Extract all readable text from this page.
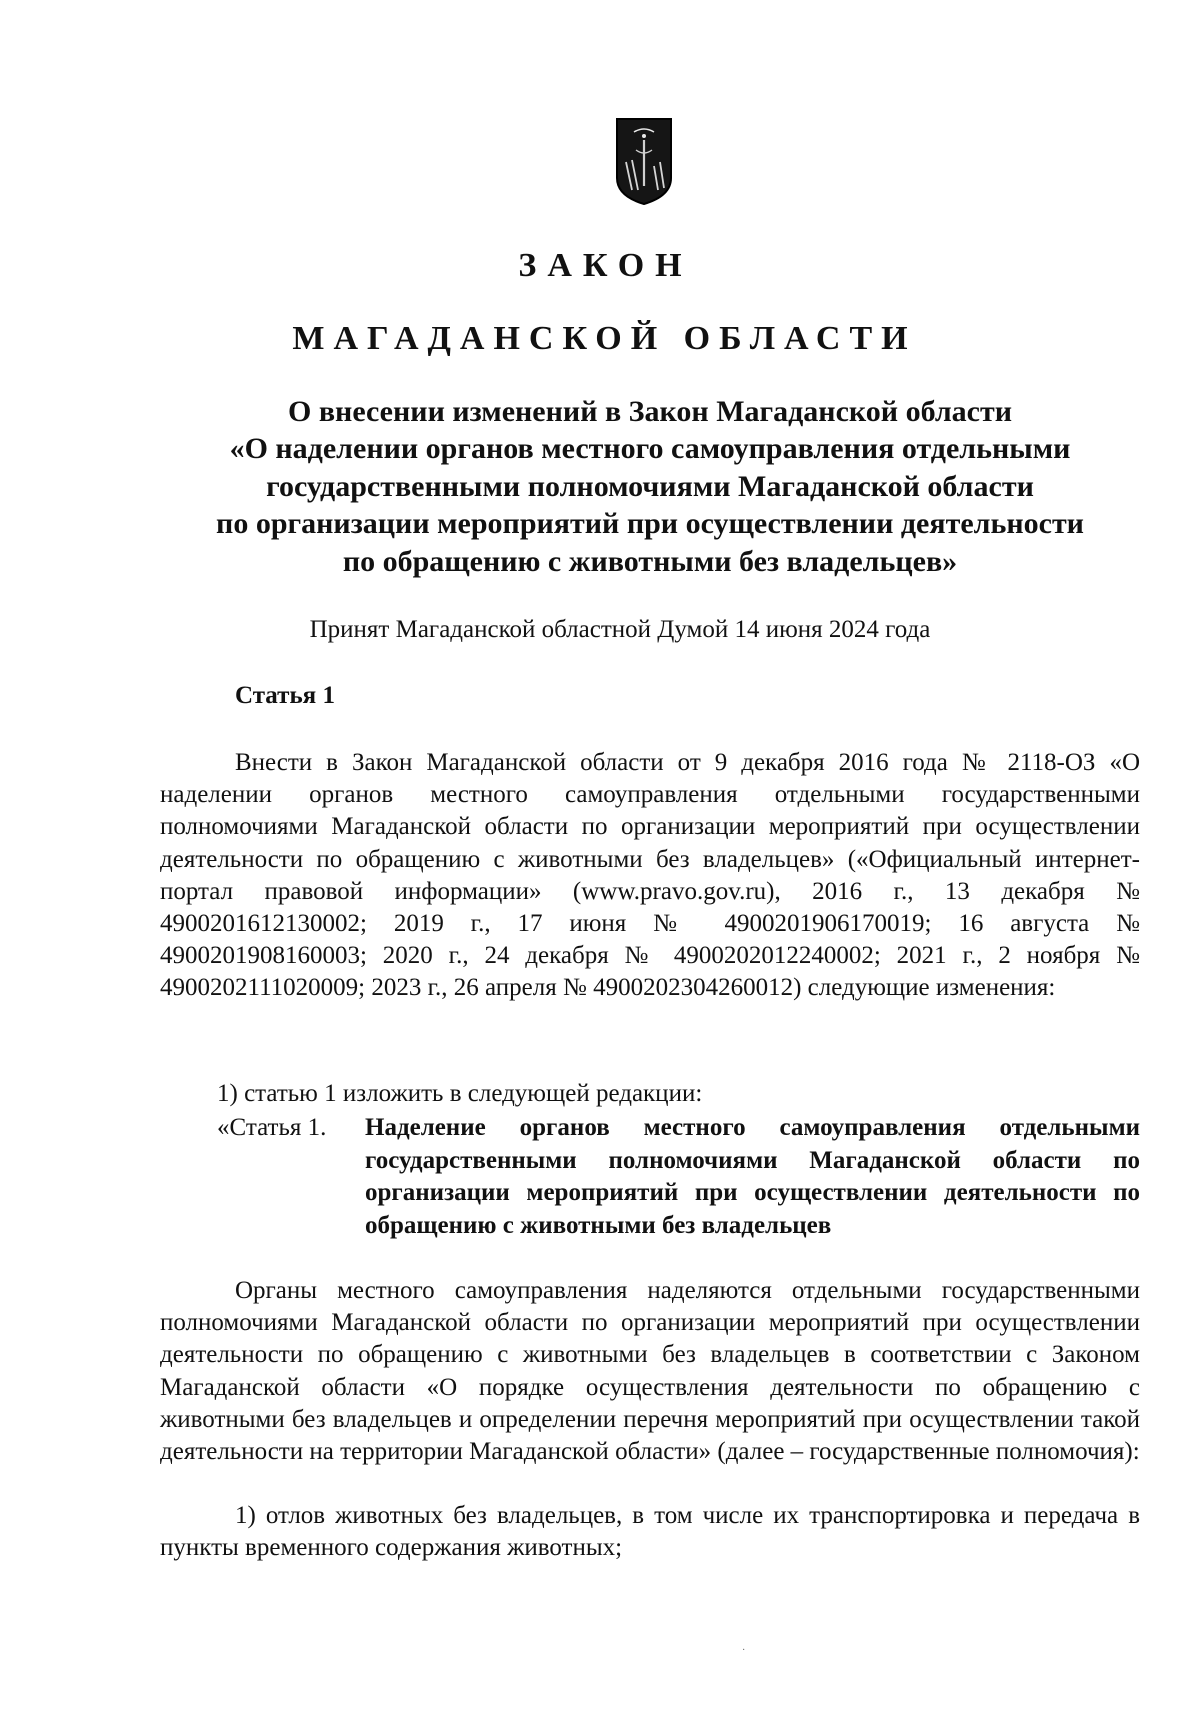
ЗАКОН
МАГАДАНСКОЙ ОБЛАСТИ
О внесении изменений в Закон Магаданской области
«О наделении органов местного самоуправления отдельными
государственными полномочиями Магаданской области
по организации мероприятий при осуществлении деятельности
по обращению с животными без владельцев»
Принят Магаданской областной Думой 14 июня 2024 года
Статья 1

Внести в Закон Магаданской области от 9 декабря 2016 года № 2118-ОЗ «О наделении органов местного самоуправления отдельными государственными полномочиями Магаданской области по организации мероприятий при осуществлении деятельности по обращению с животными без владельцев» («Официальный интернет-портал правовой информации» (www.pravo.gov.ru), 2016 г., 13 декабря № 4900201612130002; 2019 г., 17 июня № 4900201906170019; 16 августа № 4900201908160003; 2020 г., 24 декабря № 4900202012240002; 2021 г., 2 ноября № 4900202111020009; 2023 г., 26 апреля № 4900202304260012) следующие изменения:

1) статью 1 изложить в следующей редакции:
«Статья 1. Наделение органов местного самоуправления отдельными государственными полномочиями Магаданской области по организации мероприятий при осуществлении деятельности по обращению с животными без владельцев

Органы местного самоуправления наделяются отдельными государственными полномочиями Магаданской области по организации мероприятий при осуществлении деятельности по обращению с животными без владельцев в соответствии с Законом Магаданской области «О порядке осуществления деятельности по обращению с животными без владельцев и определении перечня мероприятий при осуществлении такой деятельности на территории Магаданской области» (далее – государственные полномочия):

1) отлов животных без владельцев, в том числе их транспортировка и передача в пункты временного содержания животных;

·
